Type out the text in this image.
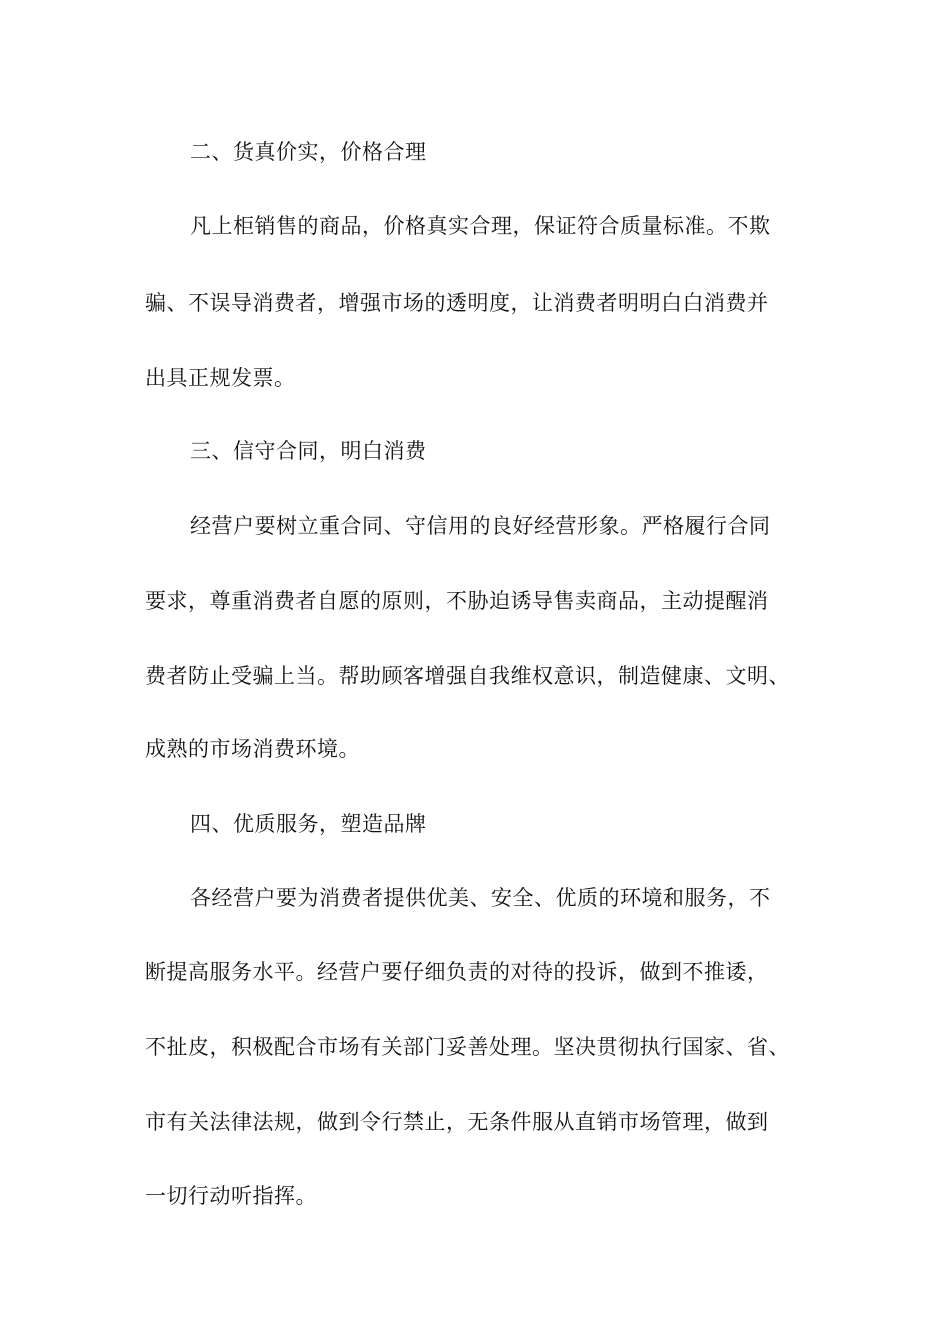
二、货真价实，价格合理
凡上柜销售的商品，价格真实合理，保证符合质量标准。不欺
骗、不误导消费者，增强市场的透明度，让消费者明明白白消费并
出具正规发票。
三、信守合同，明白消费
经营户要树立重合同、守信用的良好经营形象。严格履行合同
要求，尊重消费者自愿的原则，不胁迫诱导售卖商品，主动提醒消
费者防止受骗上当。帮助顾客增强自我维权意识，制造健康、文明、
成熟的市场消费环境。
四、优质服务，塑造品牌
各经营户要为消费者提供优美、安全、优质的环境和服务，不
断提高服务水平。经营户要仔细负责的对待的投诉，做到不推诿，
不扯皮，积极配合市场有关部门妥善处理。坚决贯彻执行国家、省、
市有关法律法规，做到令行禁止，无条件服从直销市场管理，做到
一切行动听指挥。
